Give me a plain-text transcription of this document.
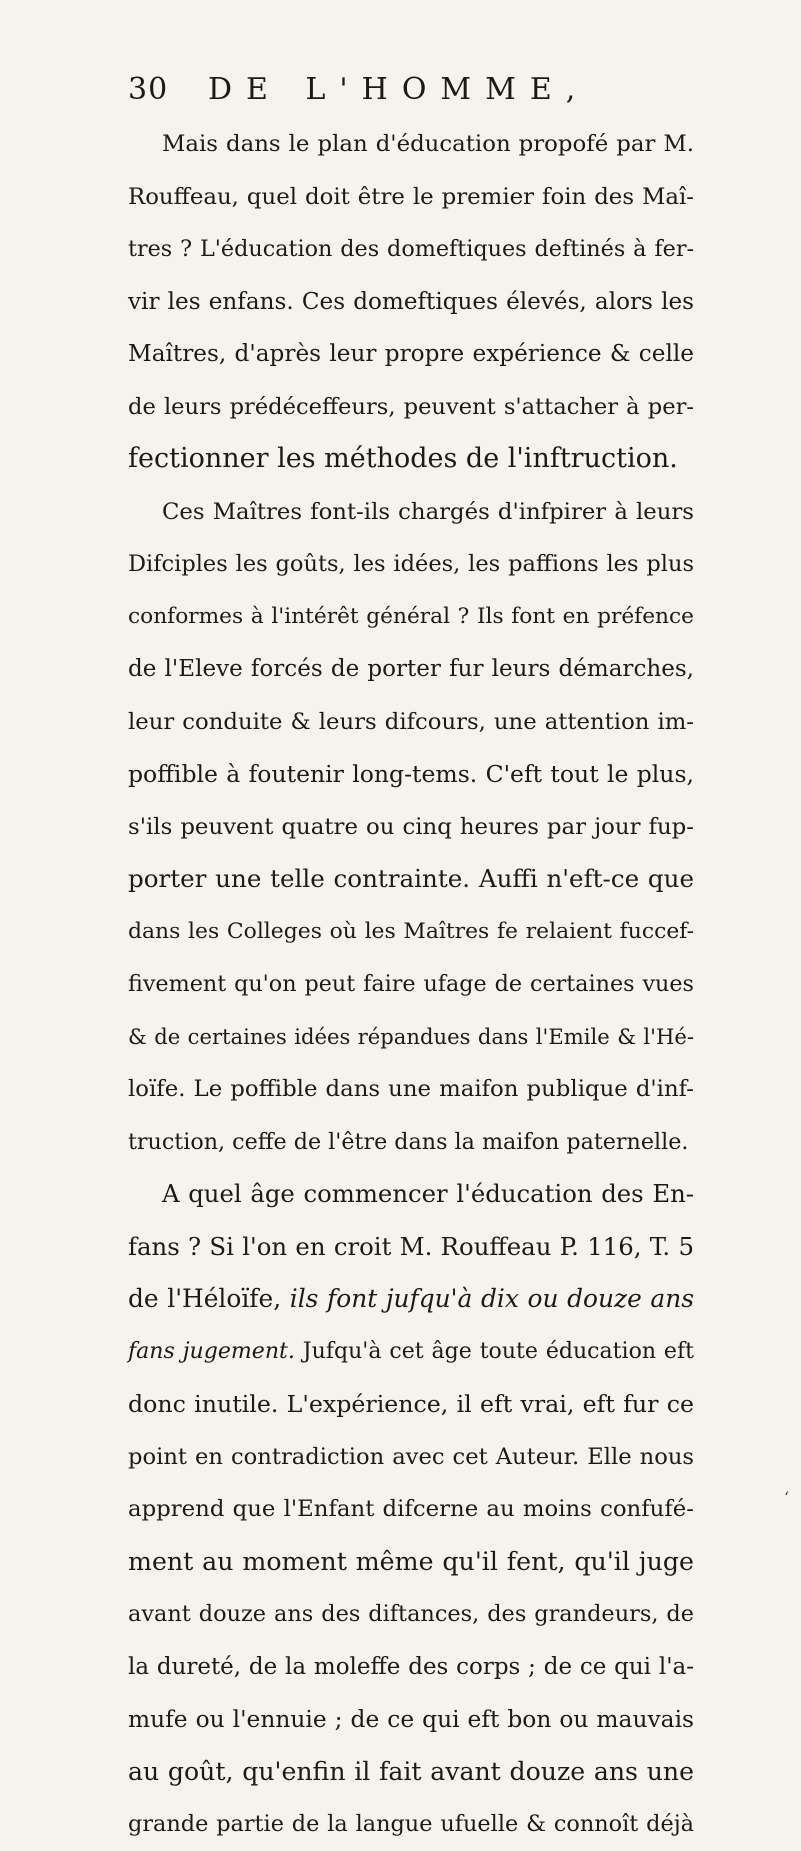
30 DE L'HOMME,
Mais dans le plan d'éducation propofé par M.
Rouffeau, quel doit être le premier foin des Maî-
tres ? L'éducation des domeftiques deftinés à fer-
vir les enfans. Ces domeftiques élevés, alors les
Maîtres, d'après leur propre expérience & celle
de leurs prédéceffeurs, peuvent s'attacher à per-
fectionner les méthodes de l'inftruction.
Ces Maîtres font-ils chargés d'infpirer à leurs
Difciples les goûts, les idées, les paffions les plus
conformes à l'intérêt général ? Ils font en préfence
de l'Eleve forcés de porter fur leurs démarches,
leur conduite & leurs difcours, une attention im-
poffible à foutenir long-tems. C'eft tout le plus,
s'ils peuvent quatre ou cinq heures par jour fup-
porter une telle contrainte. Auffi n'eft-ce que
dans les Colleges où les Maîtres fe relaient fuccef-
fivement qu'on peut faire ufage de certaines vues
& de certaines idées répandues dans l'Emile & l'Hé-
loïfe. Le poffible dans une maifon publique d'inf-
truction, ceffe de l'être dans la maifon paternelle.
A quel âge commencer l'éducation des En-
fans ? Si l'on en croit M. Rouffeau P. 116, T. 5
de l'Héloïfe, ils font jufqu'à dix ou douze ans
fans jugement. Jufqu'à cet âge toute éducation eft
donc inutile. L'expérience, il eft vrai, eft fur ce
point en contradiction avec cet Auteur. Elle nous
apprend que l'Enfant difcerne au moins confufé-
ment au moment même qu'il fent, qu'il juge
avant douze ans des diftances, des grandeurs, de
la dureté, de la moleffe des corps ; de ce qui l'a-
mufe ou l'ennuie ; de ce qui eft bon ou mauvais
au goût, qu'enfin il fait avant douze ans une
grande partie de la langue ufuelle & connoît déjà
‘
